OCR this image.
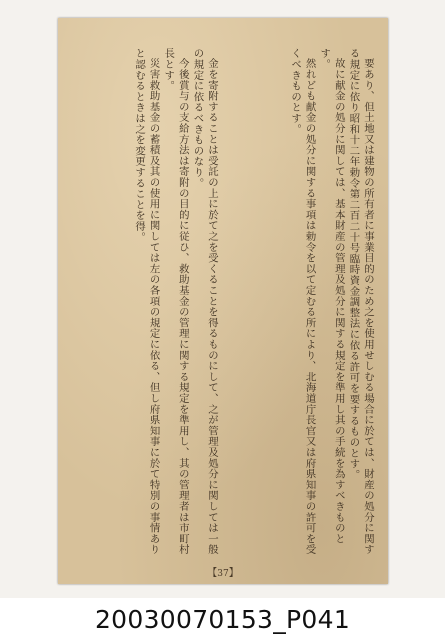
要あり、但土地又は建物の所有者に事業目的のため之を使用せしむる場合に於ては、財産の処分に関する規定に依り昭和十二年勅令第二百二十号臨時資金調整法に依る許可を要するものとす。

故に献金の処分に関しては、基本財産の管理及処分に関する規定を準用し其の手続を為すべきものとす。

然れども献金の処分に関する事項は勅令を以て定むる所により、北海道庁長官又は府県知事の許可を受くべきものとす。

金を寄附することは受託の上に於て之を受くることを得るものにして、之が管理及処分に関しては一般の規定に依るべきものなり。

今後賞与の支給方法は寄附の目的に従ひ、救助基金の管理に関する規定を準用し、其の管理者は市町村長とす。

災害救助基金の蓄積及其の使用に関しては左の各項の規定に依る、但し府県知事に於て特別の事情ありと認むるときは之を変更することを得。

【37】
20030070153_P041
